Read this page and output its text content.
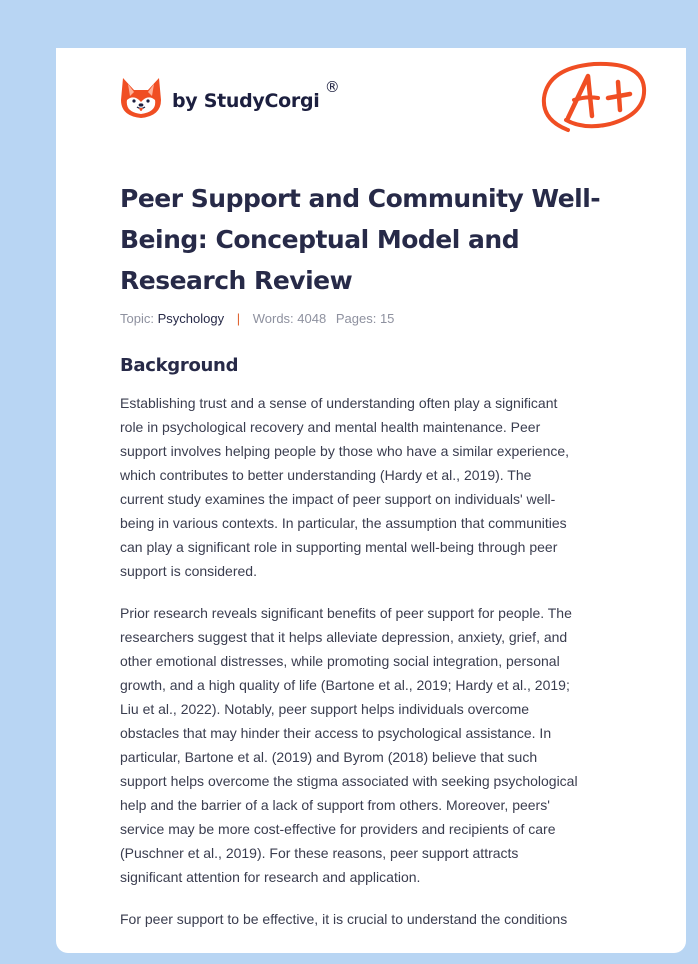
by StudyCorgi
®
Peer Support and Community Well-Being: Conceptual Model and Research Review
Topic: Psychology | Words: 4048 Pages: 15
Background

Establishing trust and a sense of understanding often play a significant
role in psychological recovery and mental health maintenance. Peer
support involves helping people by those who have a similar experience,
which contributes to better understanding (Hardy et al., 2019). The
current study examines the impact of peer support on individuals' well-
being in various contexts. In particular, the assumption that communities
can play a significant role in supporting mental well-being through peer
support is considered.

Prior research reveals significant benefits of peer support for people. The
researchers suggest that it helps alleviate depression, anxiety, grief, and
other emotional distresses, while promoting social integration, personal
growth, and a high quality of life (Bartone et al., 2019; Hardy et al., 2019;
Liu et al., 2022). Notably, peer support helps individuals overcome
obstacles that may hinder their access to psychological assistance. In
particular, Bartone et al. (2019) and Byrom (2018) believe that such
support helps overcome the stigma associated with seeking psychological
help and the barrier of a lack of support from others. Moreover, peers'
service may be more cost-effective for providers and recipients of care
(Puschner et al., 2019). For these reasons, peer support attracts
significant attention for research and application.

For peer support to be effective, it is crucial to understand the conditions
